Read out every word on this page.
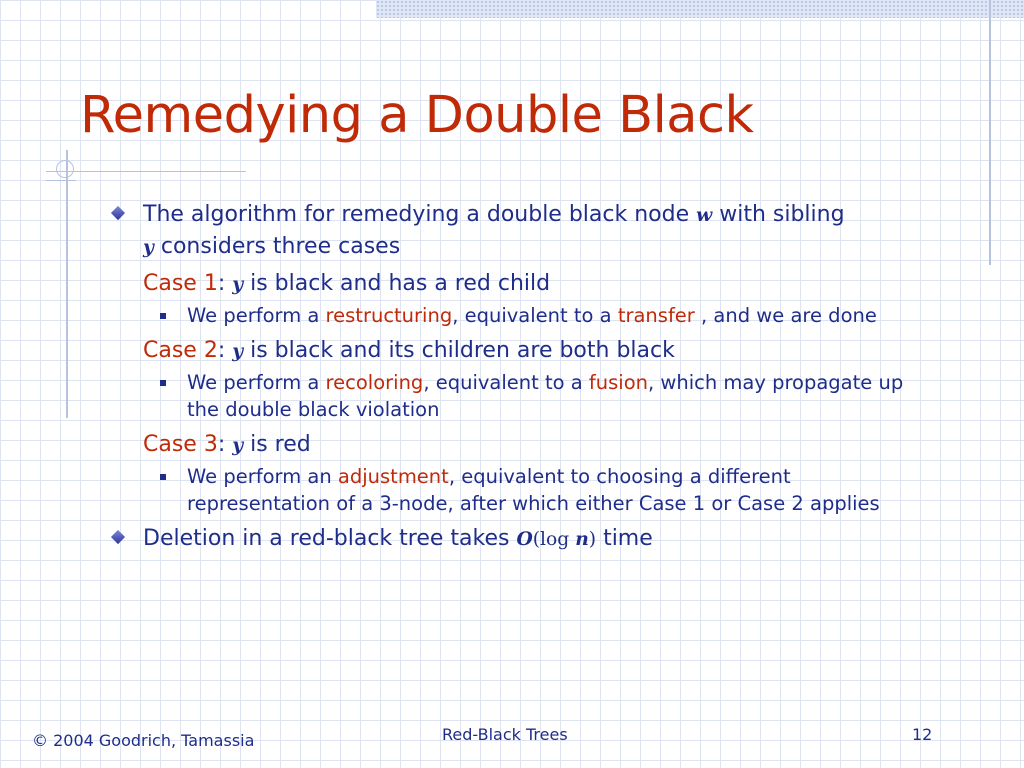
Remedying a Double Black
The algorithm for remedying a double black node w with sibling
y considers three cases
Case 1: y is black and has a red child
We perform a restructuring, equivalent to a transfer , and we are done
Case 2: y is black and its children are both black
We perform a recoloring, equivalent to a fusion, which may propagate up the double black violation
Case 3: y is red
We perform an adjustment, equivalent to choosing a different representation of a 3-node, after which either Case 1 or Case 2 applies
Deletion in a red-black tree takes O(log n) time
© 2004 Goodrich, Tamassia	Red-Black Trees	12
